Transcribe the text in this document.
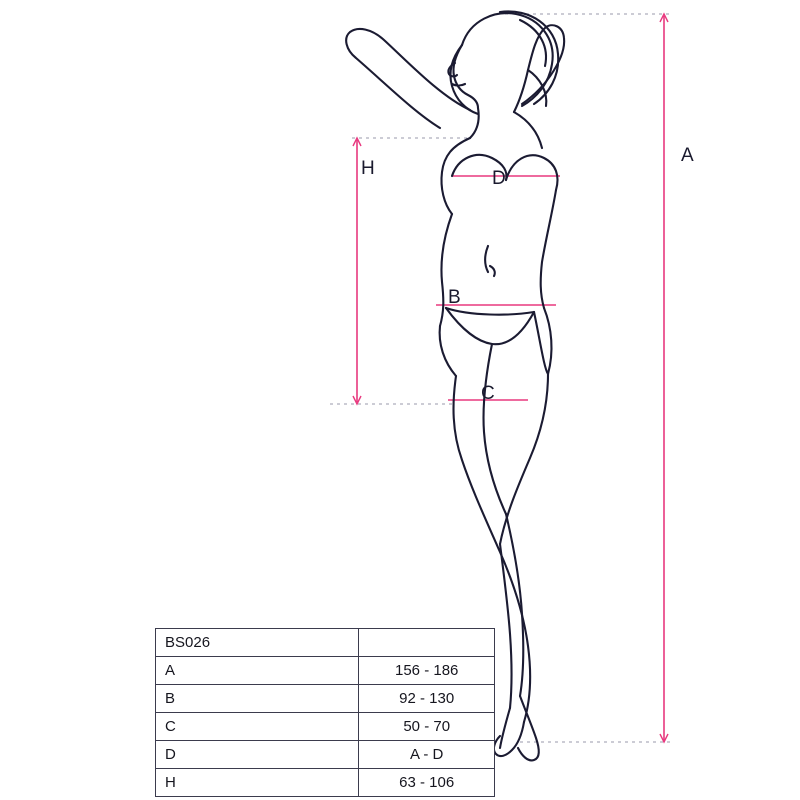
A
H	D
B
C
BS026	
A	156 - 186
B	92 - 130
C	50 - 70
D	A - D
H	63 - 106
